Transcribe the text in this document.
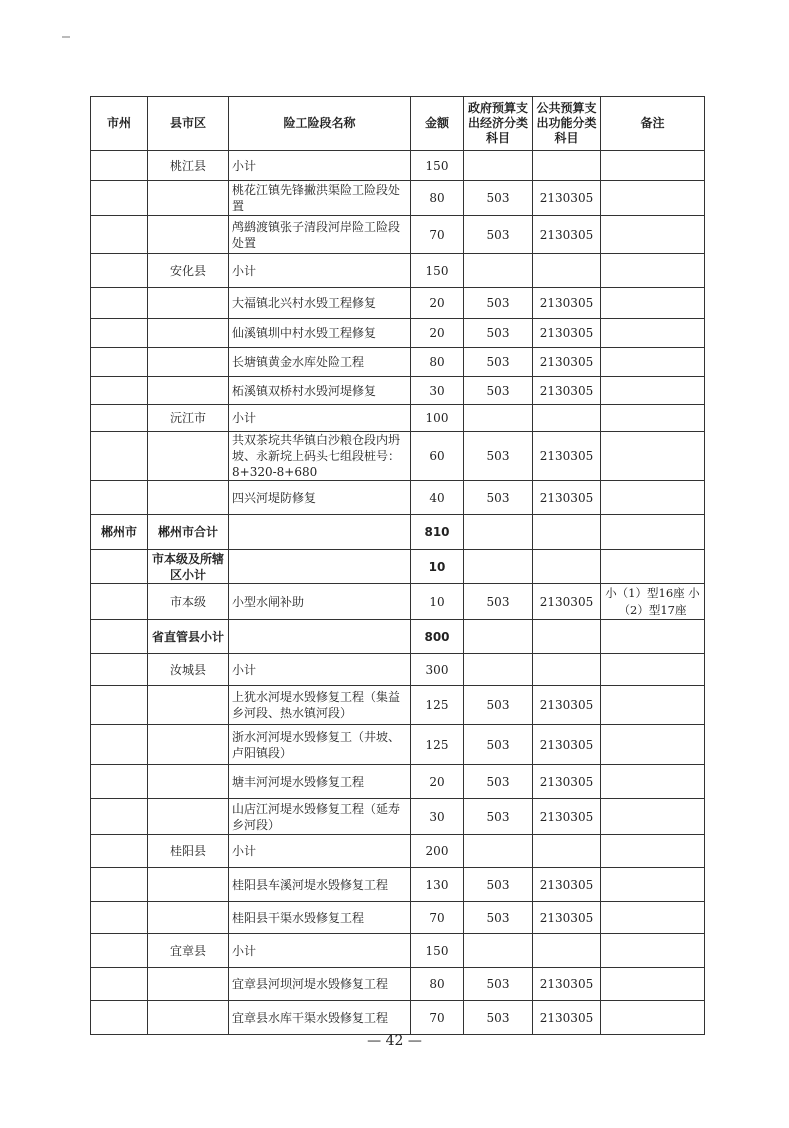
市州	县市区	险工险段名称	金额	政府预算支出经济分类科目	公共预算支出功能分类科目	备注
	桃江县	小计	150			
		桃花江镇先锋撇洪渠险工险段处置	80	503	2130305	
		鸬鹚渡镇张子清段河岸险工险段处置	70	503	2130305	
	安化县	小计	150			
		大福镇北兴村水毁工程修复	20	503	2130305	
		仙溪镇圳中村水毁工程修复	20	503	2130305	
		长塘镇黄金水库处险工程	80	503	2130305	
		柘溪镇双桥村水毁河堤修复	30	503	2130305	
	沅江市	小计	100			
		共双茶垸共华镇白沙粮仓段内坍坡、永新垸上码头七组段桩号：8+320-8+680	60	503	2130305	
		四兴河堤防修复	40	503	2130305	
郴州市	郴州市合计		810			
	市本级及所辖区小计		10			
	市本级	小型水闸补助	10	503	2130305	小（1）型16座 小（2）型17座
	省直管县小计		800			
	汝城县	小计	300			
		上犹水河堤水毁修复工程（集益乡河段、热水镇河段）	125	503	2130305	
		浙水河河堤水毁修复工（井坡、卢阳镇段）	125	503	2130305	
		塘丰河河堤水毁修复工程	20	503	2130305	
		山店江河堤水毁修复工程（延寿乡河段）	30	503	2130305	
	桂阳县	小计	200			
		桂阳县车溪河堤水毁修复工程	130	503	2130305	
		桂阳县干渠水毁修复工程	70	503	2130305	
	宜章县	小计	150			
		宜章县河坝河堤水毁修复工程	80	503	2130305	
		宜章县水库干渠水毁修复工程	70	503	2130305	
— 42 —
